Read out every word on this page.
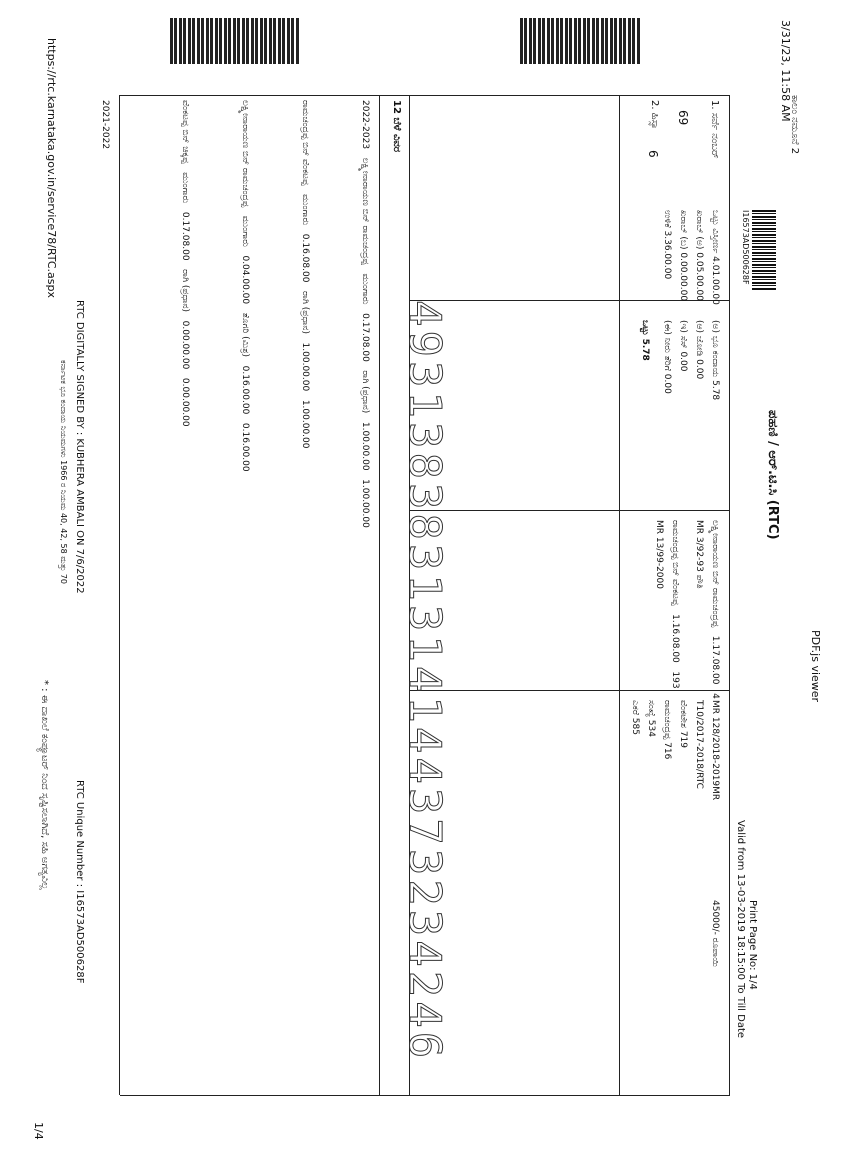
3/31/23, 11:58 AM
PDF.js viewer
https://rtc.karnataka.gov.in/service78/RTC.aspx
1/4
ಕಾಲಂ ನಮೂನೆ 2
I16573AD500628F
ಪಹಣಿ / ಆರ್.ಟಿ.ಸಿ (RTC)
Valid from 13-03-2019 18:15:00 To Till Date Print Page No: 1/4
1. ಸರ್ವೆ ನಂಬರ್
69
2. ಹಿಸ್ಸಾ
6
ಒಟ್ಟು ವಿಸ್ತೀರ್ಣ 4.01.00.00
ಖರಾಬ್ (ಅ) 0.05.00.00
ಖರಾಬ್ (ಬ) 0.00.00.00
ಉಳಿಕೆ 3.36.00.00
(ಅ) ಭೂ ಕಂದಾಯ 5.78
(ಆ) ಜೋಡಿ 0.00
(ಇ) ಸೆಸ್ 0.00
(ಈ) ನೀರು ತೆರಿಗೆ 0.00
ಒಟ್ಟು 5.78
ಲಕ್ಷ್ಮೀನಾರಾಯಣ ಬಿನ್ ರಾಮಚಂದ್ರಪ್ಪ   1.17.08.00   4
MR 3/92-93 ಪೌತಿ
ರಾಮಚಂದ್ರಪ್ಪ ಬಿನ್ ವೆಂಕಟಪ್ಪ   1.16.08.00   193
MR 13/99-2000
MR 128/2018-2019MR
T10/2017-2018/RTC
ವೆಂಕಟೇಶ 719
ರಾಮಚಂದ್ರಪ್ಪ 716
ಸಂಖ್ಯೆ 534
ಎಕರೆ 585
45000/- ರೂಪಾಯಿ
12 ಬೆಳೆ ವಿವರ
2022-2023   ಲಕ್ಷ್ಮೀನಾರಾಯಣ ಬಿನ್ ರಾಮಚಂದ್ರಪ್ಪ   ಮುಂಗಾರು   0.17.08.00   ರಾಗಿ (ಪ್ರಧಾನ)   1.00.00.00   1.00.00.00
ರಾಮಚಂದ್ರಪ್ಪ ಬಿನ್ ವೆಂಕಟಪ್ಪ   ಮುಂಗಾರು   0.16.08.00   ರಾಗಿ (ಪ್ರಧಾನ)   1.00.00.00   1.00.00.00
ಲಕ್ಷ್ಮೀನಾರಾಯಣ ಬಿನ್ ರಾಮಚಂದ್ರಪ್ಪ   ಮುಂಗಾರು   0.04.00.00   ತೊಗರಿ (ಮಿಶ್ರ)   0.16.00.00   0.16.00.00
ವೆಂಕಟಪ್ಪ ಬಿನ್ ಚಿಕ್ಕಪ್ಪ   ಮುಂಗಾರು   0.17.08.00   ರಾಗಿ (ಪ್ರಧಾನ)   0.00.00.00   0.00.00.00
2021-2022
4931383831314144373234246
RTC DIGITALLY SIGNED BY : KUBHERA AMBALI ON 7/6/2022
RTC Unique Number : I16573AD500628F
ಕರ್ನಾಟಕ ಭೂ ಕಂದಾಯ ನಿಯಮಗಳು 1966 ರ ನಿಯಮ 40, 42, 58 ಮತ್ತು 70
* : ಈ ದಾಖಲೆ ಕಂಪ್ಯೂಟರ್ ನಿಂದ ಸೃಷ್ಟಿಸಲಾಗಿದೆ, ಸಹಿ ಅಗತ್ಯವಿಲ್ಲ
